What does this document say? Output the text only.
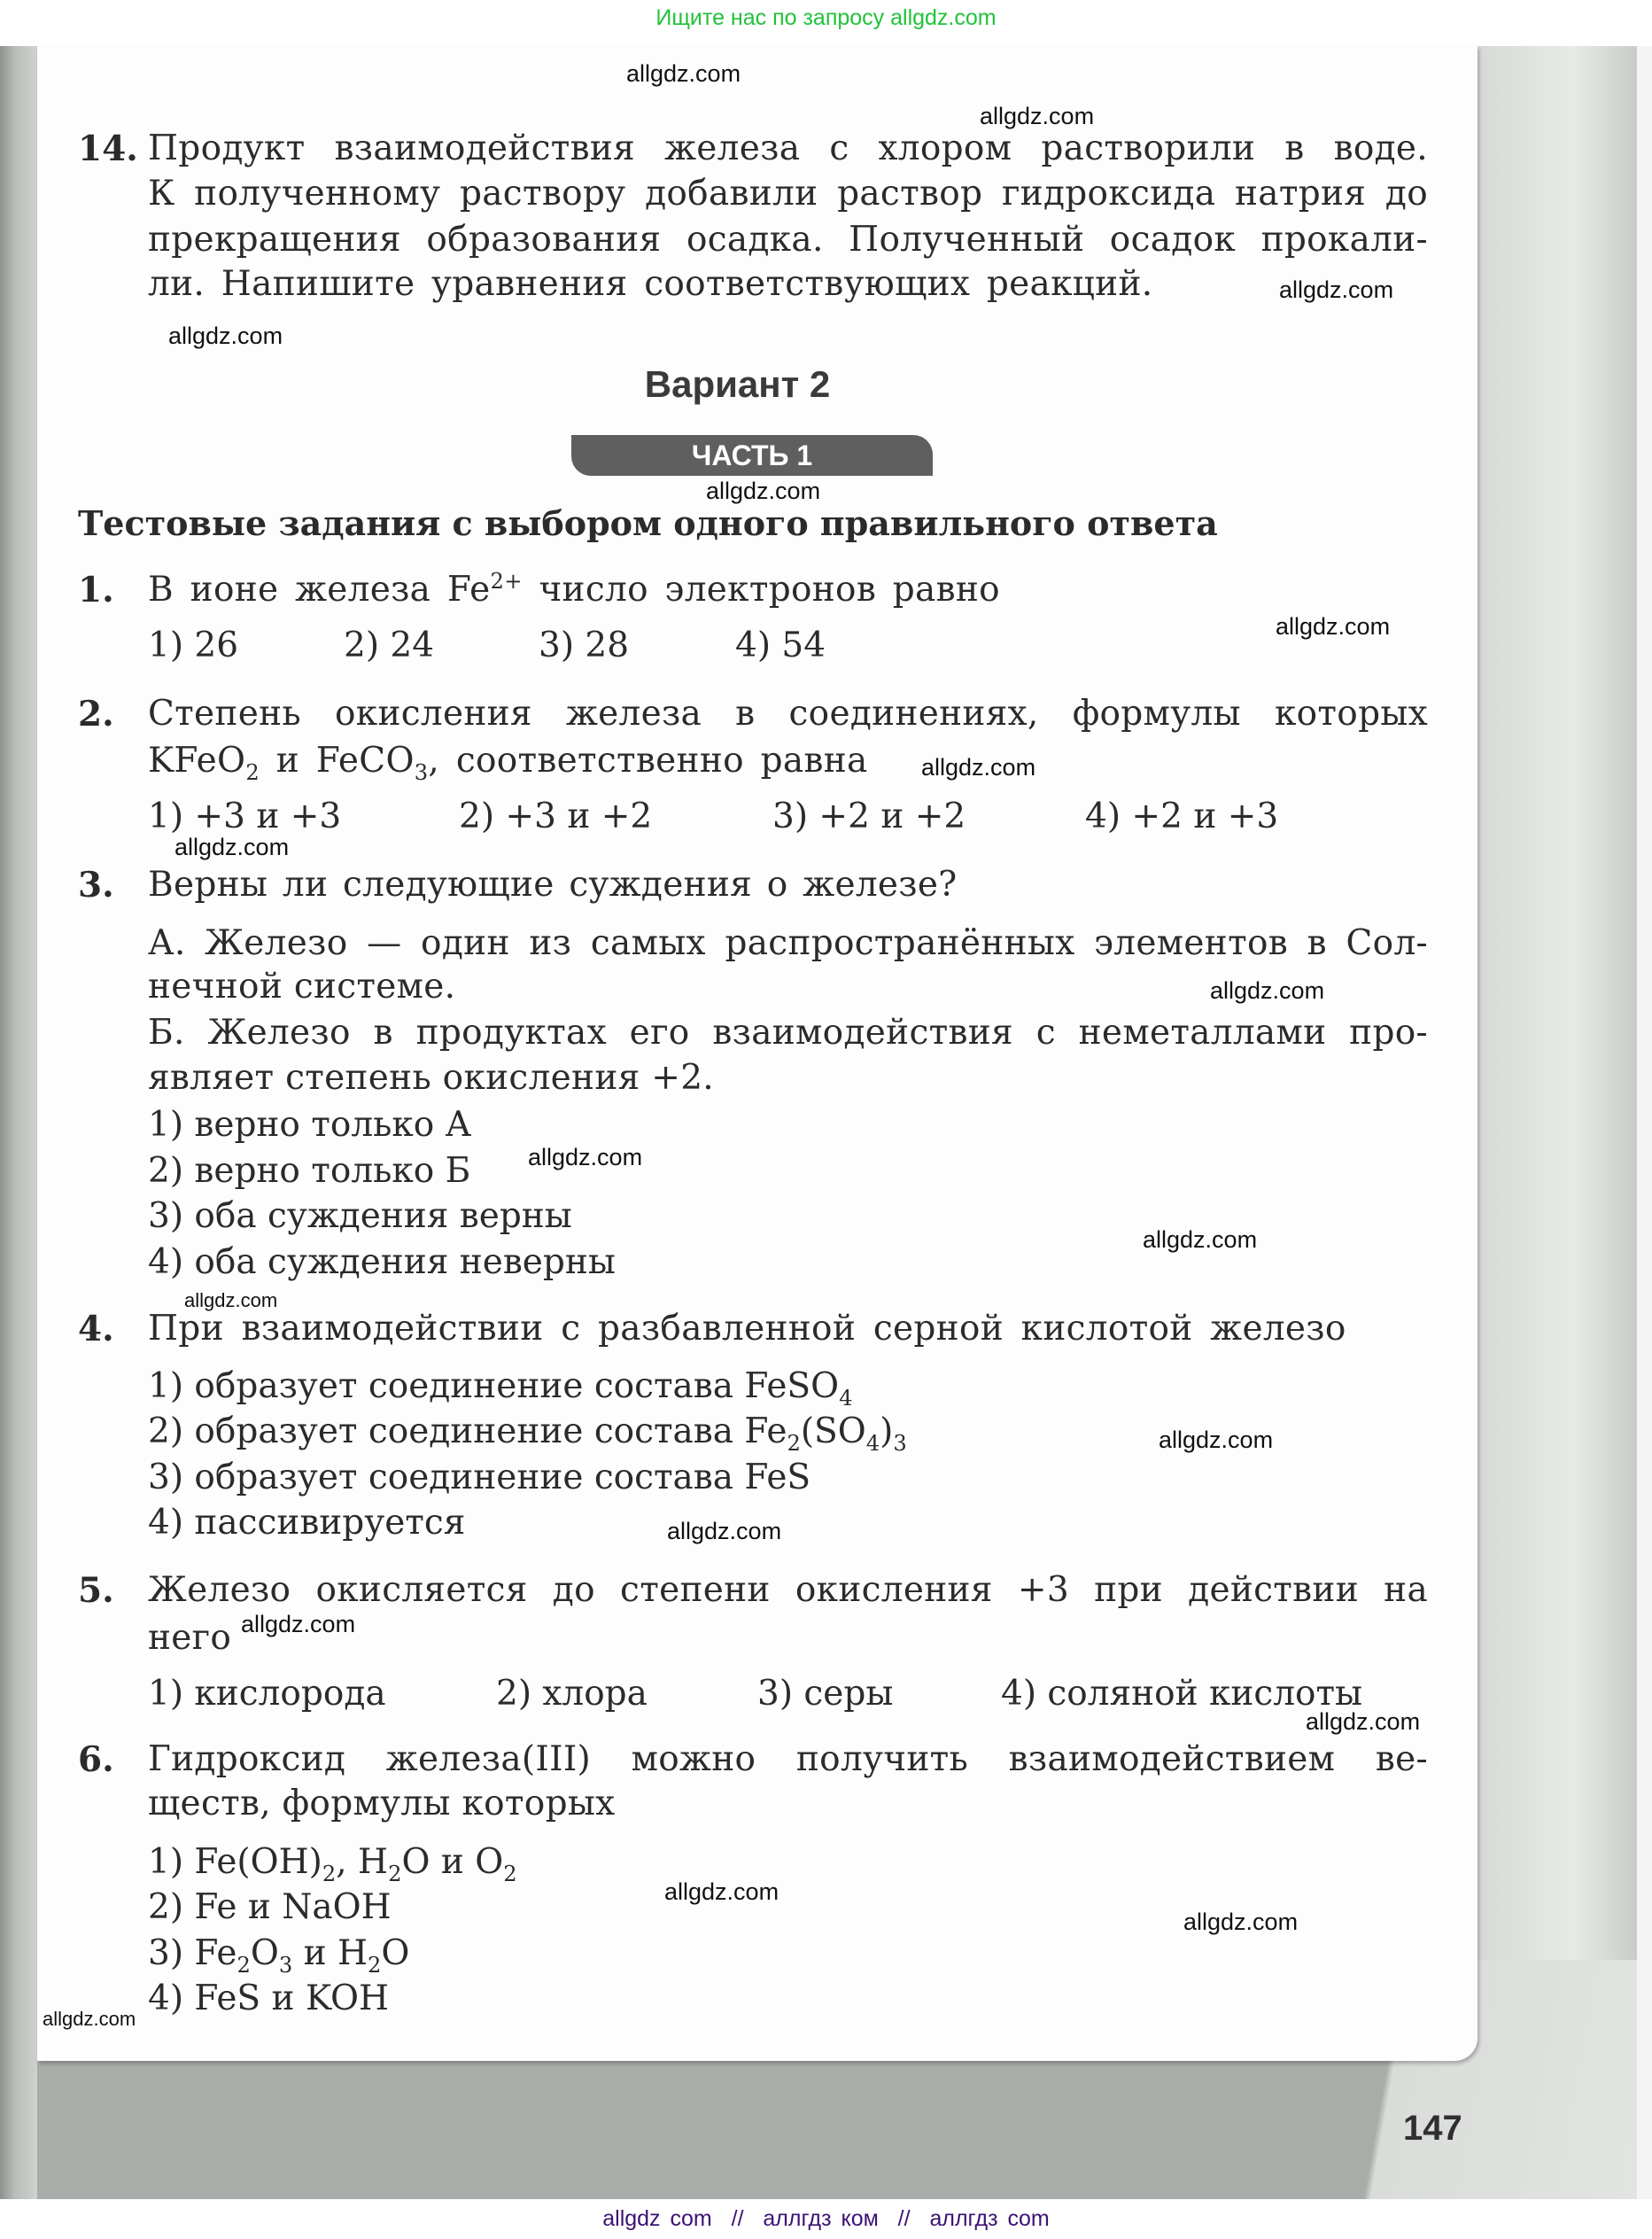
Ищите нас по запросу allgdz.com
14. Продукт взаимодействия железа с хлором растворили в воде.
К полученному раствору добавили раствор гидроксида натрия до
прекращения образования осадка. Полученный осадок прокали-
ли. Напишите уравнения соответствующих реакций.
Вариант 2
ЧАСТЬ 1
Тестовые задания с выбором одного правильного ответа
1. В ионе железа $Fe^{2+}$ число электронов равно
1) 26	2) 24	3) 28	4) 54
2. Степень окисления железа в соединениях, формулы которых
KFeO$_2$ и FeCO$_3$, соответственно равна
1) +3 и +3	2) +3 и +2	3) +2 и +2	4) +2 и +3
3. Верны ли следующие суждения о железе?
А. Железо — один из самых распространённых элементов в Сол-
нечной системе.
Б. Железо в продуктах его взаимодействия с неметаллами про-
являет степень окисления +2.
1) верно только А
2) верно только Б
3) оба суждения верны
4) оба суждения неверны
4. При взаимодействии с разбавленной серной кислотой железо
1) образует соединение состава FeSO$_4$
2) образует соединение состава $Fe_2(SO_4)_3$
3) образует соединение состава FeS
4) пассивируется
5. Железо окисляется до степени окисления +3 при действии на
него
1) кислорода	2) хлора	3) серы	4) соляной кислоты
6. Гидроксид железа(III) можно получить взаимодействием ве-
ществ, формулы которых
1) $Fe(OH)_2$, $H_2O$ и $O_2$
2) Fe и NaOH
3) $Fe_2O_3$ и $H_2O$
4) FeS и KOH
147
allgdz.com
allgdz.com
allgdz.com
allgdz.com
allgdz.com
allgdz.com
allgdz.com
allgdz.com
allgdz.com
allgdz.com
allgdz.com
allgdz.com
allgdz.com
allgdz.com
allgdz.com
allgdz.com
allgdz.com
allgdz.com
allgdz.com
allgdz com  //  аллгдз ком  //  аллгдз com
